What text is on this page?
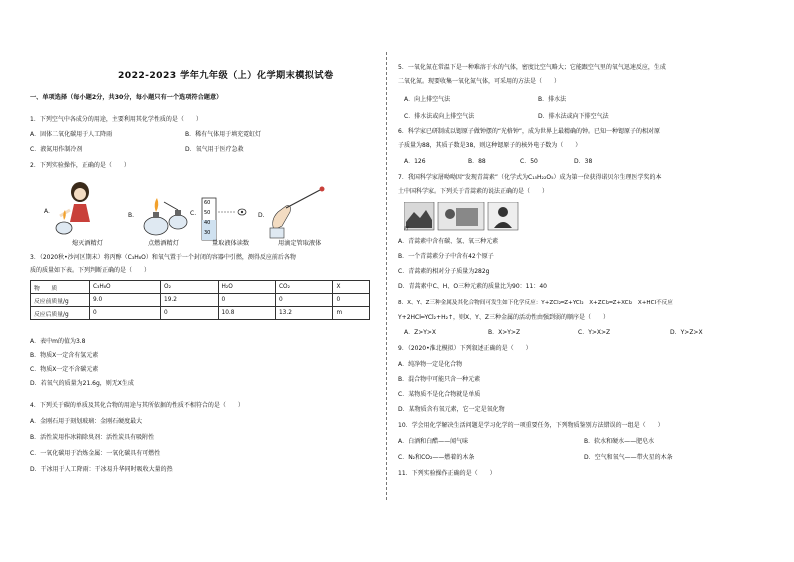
2022-2023 学年九年级（上）化学期末模拟试卷
一、单项选择（每小题2分，共30分，每小题只有一个选项符合题意）
1．下列空气中各成分的用途，主要利用其化学性质的是（　　）
A．固体二氧化碳用于人工降雨	B．稀有气体用于填充霓虹灯
C．液氮用作制冷剂	D．氧气用于医疗急救
2．下列实验操作，正确的是（　　）
A.
熄灭酒精灯
B.
点燃酒精灯
C.
60
50
40
30
量取液体读数
D.
用滴定管取液体
3．（2020秋•沙河区期末）将丙醇（C₃H₈O）和氧气置于一个封闭的容器中引燃，测得反应前后各物
质的质量如下表。下列判断正确的是（　　）
物　　质	C₃H₈O	O₂	H₂O	CO₂	X
反应前质量/g	9.0	19.2	0	0	0
反应后质量/g	0	0	10.8	13.2	m
A．表中m的值为3.8
B．物质X一定含有氢元素
C．物质X一定不含碳元素
D．若氧气的质量为21.6g，则无X生成
4．下列关于碳的单质及其化合物的用途与其所依据的性质不相符合的是（　　）
A．金刚石用于刻划玻璃：金刚石硬度最大
B．活性炭用作冰箱除臭剂：活性炭具有吸附性
C．一氧化碳用于冶炼金属：一氧化碳具有可燃性
D．干冰用于人工降雨：干冰易升华同时吸收大量的热
5．一氧化氮在常温下是一种难溶于水的气体，密度比空气略大；它能跟空气里的氧气迅速反应，生成
二氧化氮。现要收集一氧化氮气体，可采用的方法是（　　）
A．向上排空气法	B．排水法
C．排水法或向上排空气法	D．排水法或向下排空气法
6．科学家已研制成以锶原子做钟摆的“光格钟”，成为世界上最精确的钟。已知一种锶原子的相对原
子质量为88，其质子数是38，则这种锶原子的核外电子数为（　　）
A．126	B．88	C．50	D．38
7．我国科学家屠呦呦因“发现青蒿素”（化学式为C₁₅H₂₂O₅）成为第一位获得诺贝尔生理医学奖的本
土中国科学家。下列关于青蒿素的说法正确的是（　　）
疗
A．青蒿素中含有碳、氢、氧三种元素
B．一个青蒿素分子中含有42个原子
C．青蒿素的相对分子质量为282g
D．青蒿素中C、H、O三种元素的质量比为90：11：40
8．X、Y、Z三种金属及其化合物间可发生如下化学反应：Y+ZCl₂═Z+YCl₂　X+ZCl₂═Z+XCl₂　X+HCl不反应
Y+2HCl═YCl₂+H₂↑，则X、Y、Z三种金属的活动性由强到弱的顺序是（　　）
A．Z>Y>X	B．X>Y>Z	C．Y>X>Z	D．Y>Z>X
9．（2020•淮北模拟）下列叙述正确的是（　　）
A．纯净物一定是化合物
B．混合物中可能只含一种元素
C．某物质不是化合物就是单质
D．某物质含有氧元素，它一定是氧化物
10．学会用化学解决生活问题是学习化学的一项重要任务，下列物质鉴别方法错误的一组是（　　）
A．白酒和白醋——闻气味	B．软水和硬水——肥皂水
C．N₂和CO₂——燃着的木条	D．空气和氧气——带火星的木条
11．下列实验操作正确的是（　　）
